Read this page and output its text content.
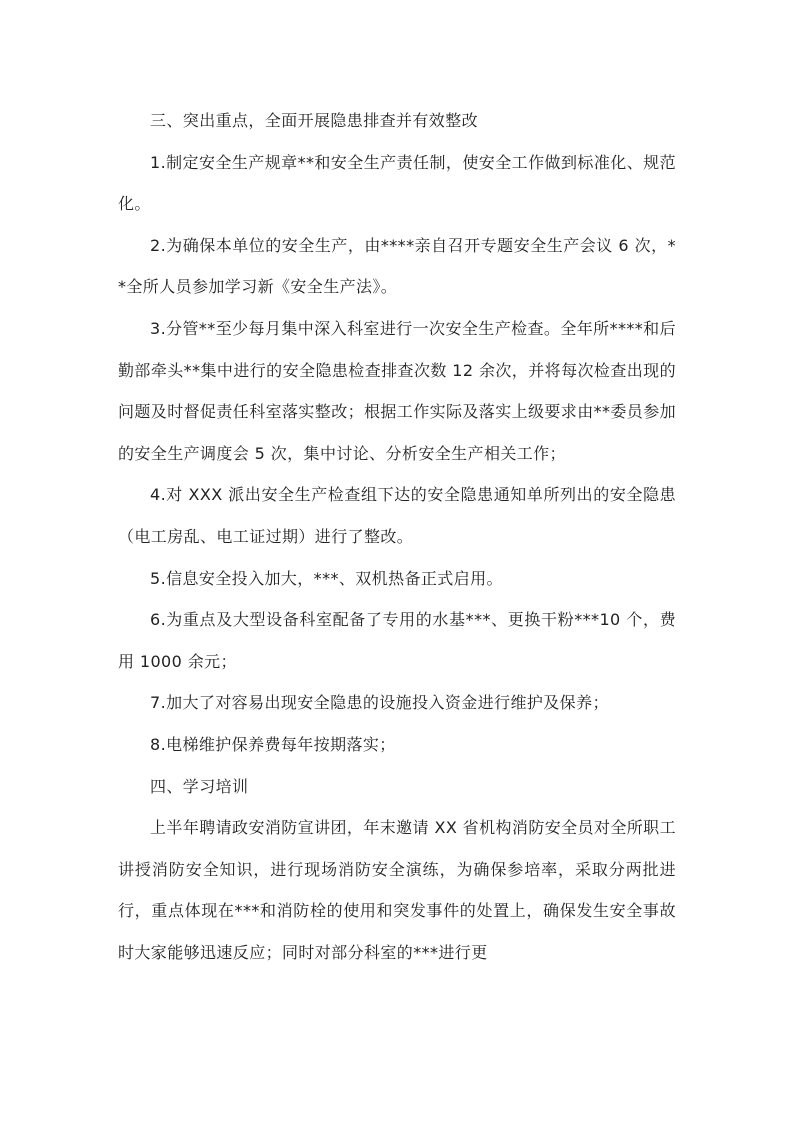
三、突出重点，全面开展隐患排查并有效整改

1.制定安全生产规章**和安全生产责任制，使安全工作做到标准化、规范化。

2.为确保本单位的安全生产，由****亲自召开专题安全生产会议 6 次，**全所人员参加学习新《安全生产法》。

3.分管**至少每月集中深入科室进行一次安全生产检查。全年所****和后勤部牵头**集中进行的安全隐患检查排查次数 12 余次，并将每次检查出现的问题及时督促责任科室落实整改；根据工作实际及落实上级要求由**委员参加的安全生产调度会 5 次，集中讨论、分析安全生产相关工作；

4.对 XXX 派出安全生产检查组下达的安全隐患通知单所列出的安全隐患（电工房乱、电工证过期）进行了整改。

5.信息安全投入加大，***、双机热备正式启用。

6.为重点及大型设备科室配备了专用的水基***、更换干粉***10 个，费用 1000 余元；

7.加大了对容易出现安全隐患的设施投入资金进行维护及保养；

8.电梯维护保养费每年按期落实；

四、学习培训

上半年聘请政安消防宣讲团，年末邀请 XX 省机构消防安全员对全所职工讲授消防安全知识，进行现场消防安全演练，为确保参培率，采取分两批进行，重点体现在***和消防栓的使用和突发事件的处置上，确保发生安全事故时大家能够迅速反应；同时对部分科室的***进行更
